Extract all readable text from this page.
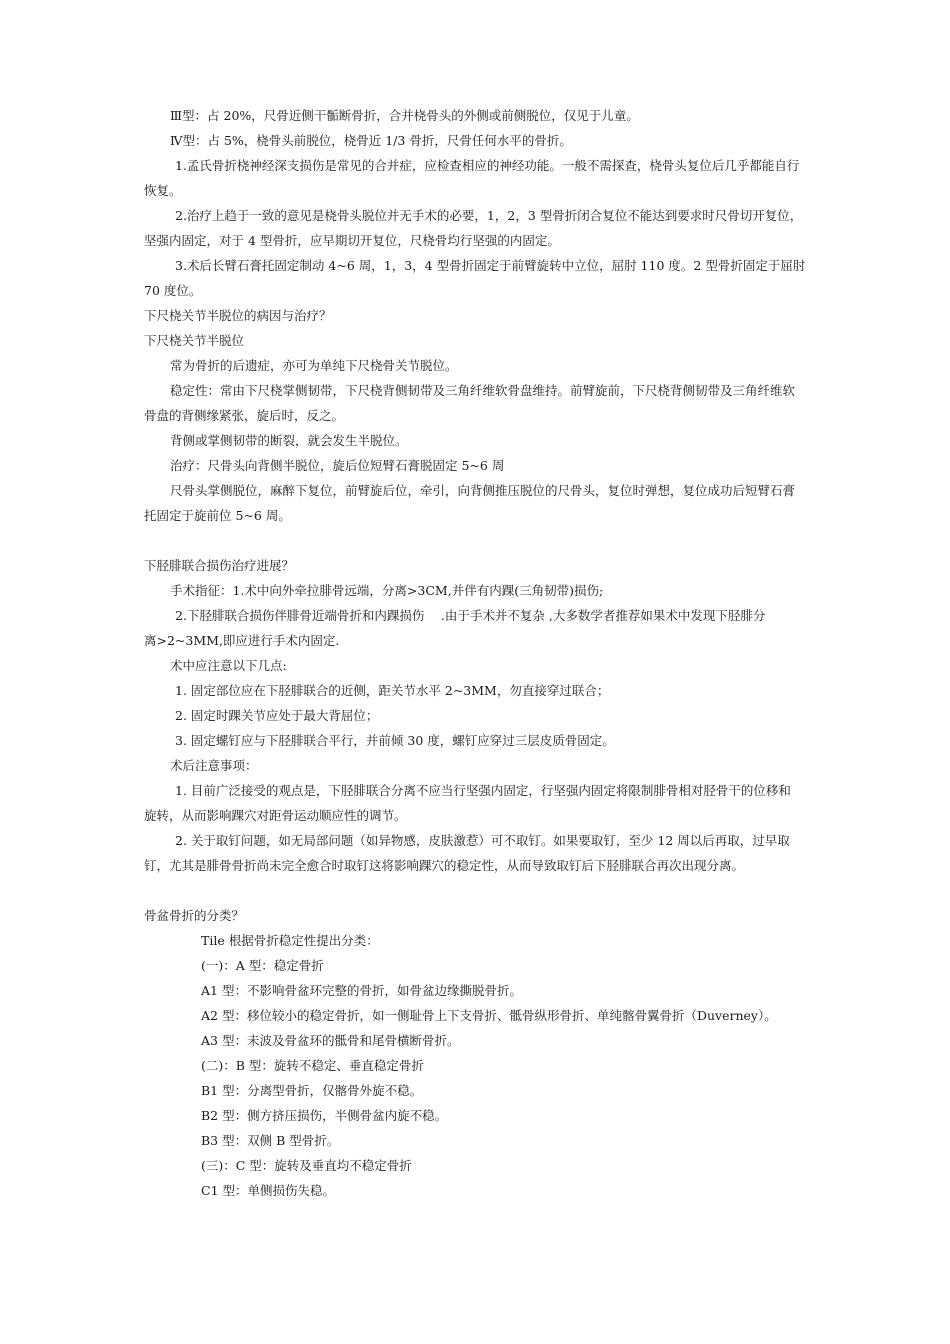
Ⅲ型：占 20%，尺骨近侧干骺断骨折，合并桡骨头的外侧或前侧脱位，仅见于儿童。
Ⅳ型：占 5%，桡骨头前脱位，桡骨近 1/3 骨折，尺骨任何水平的骨折。
1.孟氏骨折桡神经深支损伤是常见的合并症，应检查相应的神经功能。一般不需探查，桡骨头复位后几乎都能自行
恢复。
2.治疗上趋于一致的意见是桡骨头脱位并无手术的必要，1，2，3 型骨折闭合复位不能达到要求时尺骨切开复位，
坚强内固定，对于 4 型骨折，应早期切开复位，尺桡骨均行坚强的内固定。
3.术后长臂石膏托固定制动 4~6 周，1，3，4 型骨折固定于前臂旋转中立位，屈肘 110 度。2 型骨折固定于屈肘
70 度位。
下尺桡关节半脱位的病因与治疗？
下尺桡关节半脱位
常为骨折的后遗症，亦可为单纯下尺桡骨关节脱位。
稳定性：常由下尺桡掌侧韧带，下尺桡背侧韧带及三角纤维软骨盘维持。前臂旋前，下尺桡背侧韧带及三角纤维软
骨盘的背侧缘紧张，旋后时，反之。
背侧或掌侧韧带的断裂，就会发生半脱位。
治疗：尺骨头向背侧半脱位，旋后位短臂石膏脱固定 5~6 周
尺骨头掌侧脱位，麻醉下复位，前臂旋后位，牵引，向背侧推压脱位的尺骨头，复位时弹想，复位成功后短臂石膏
托固定于旋前位 5~6 周。
下胫腓联合损伤治疗进展？
手术指征：1.术中向外牵拉腓骨远端，分离>3CM,并伴有内踝(三角韧带)损伤;
2.下胫腓联合损伤伴腓骨近端骨折和内踝损伤　 .由于手术并不复杂 ,大多数学者推荐如果术中发现下胫腓分
离>2~3MM,即应进行手术内固定.
术中应注意以下几点:
1. 固定部位应在下胫腓联合的近侧，距关节水平 2~3MM，勿直接穿过联合；
2. 固定时踝关节应处于最大背屈位；
3. 固定螺钉应与下胫腓联合平行，并前倾 30 度，螺钉应穿过三层皮质骨固定。
术后注意事项：
1. 目前广泛接受的观点是，下胫腓联合分离不应当行坚强内固定，行坚强内固定将限制腓骨相对胫骨干的位移和
旋转，从而影响踝穴对距骨运动顺应性的调节。
2. 关于取钉问题，如无局部问题（如异物感，皮肤激惹）可不取钉。如果要取钉，至少 12 周以后再取，过早取
钉，尤其是腓骨骨折尚未完全愈合时取钉这将影响踝穴的稳定性，从而导致取钉后下胫腓联合再次出现分离。
骨盆骨折的分类？
Tile 根据骨折稳定性提出分类：
(一)：A 型：稳定骨折
A1 型：不影响骨盆环完整的骨折，如骨盆边缘撕脱骨折。
A2 型：移位较小的稳定骨折，如一侧耻骨上下支骨折、骶骨纵形骨折、单纯髂骨翼骨折（Duverney）。
A3 型：未波及骨盆环的骶骨和尾骨横断骨折。
(二)：B 型：旋转不稳定、垂直稳定骨折
B1 型：分离型骨折，仅髂骨外旋不稳。
B2 型：侧方挤压损伤，半侧骨盆内旋不稳。
B3 型：双侧 B 型骨折。
(三)：C 型：旋转及垂直均不稳定骨折
C1 型：单侧损伤失稳。
